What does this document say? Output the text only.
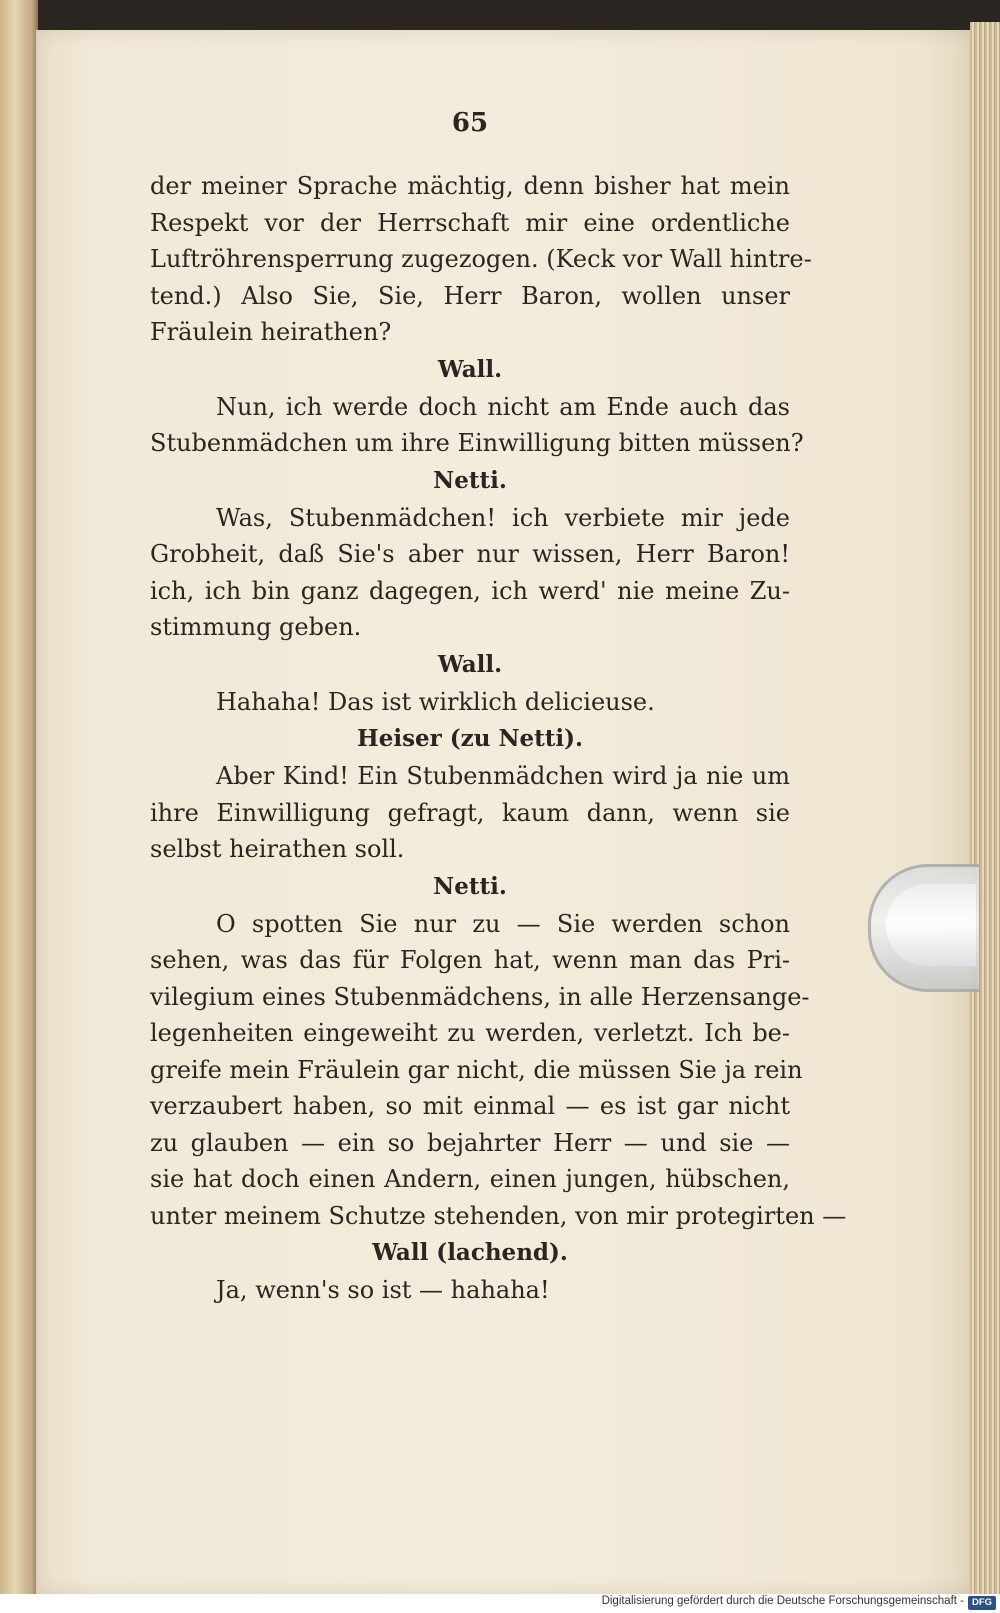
65
der meiner Sprache mächtig, denn bisher hat mein
Respekt vor der Herrschaft mir eine ordentliche
Luftröhrensperrung zugezogen. (Keck vor Wall hintre-
tend.) Also Sie, Sie, Herr Baron, wollen unser
Fräulein heirathen?
Wall.
Nun, ich werde doch nicht am Ende auch das
Stubenmädchen um ihre Einwilligung bitten müssen?
Netti.
Was, Stubenmädchen! ich verbiete mir jede
Grobheit, daß Sie's aber nur wissen, Herr Baron!
ich, ich bin ganz dagegen, ich werd' nie meine Zu-
stimmung geben.
Wall.
Hahaha! Das ist wirklich delicieuse.
Heiser (zu Netti).
Aber Kind! Ein Stubenmädchen wird ja nie um
ihre Einwilligung gefragt, kaum dann, wenn sie
selbst heirathen soll.
Netti.
O spotten Sie nur zu — Sie werden schon
sehen, was das für Folgen hat, wenn man das Pri-
vilegium eines Stubenmädchens, in alle Herzensange-
legenheiten eingeweiht zu werden, verletzt. Ich be-
greife mein Fräulein gar nicht, die müssen Sie ja rein
verzaubert haben, so mit einmal — es ist gar nicht
zu glauben — ein so bejahrter Herr — und sie —
sie hat doch einen Andern, einen jungen, hübschen,
unter meinem Schutze stehenden, von mir protegirten —
Wall (lachend).
Ja, wenn's so ist — hahaha!
Digitalisierung gefördert durch die Deutsche Forschungsgemeinschaft - DFG
